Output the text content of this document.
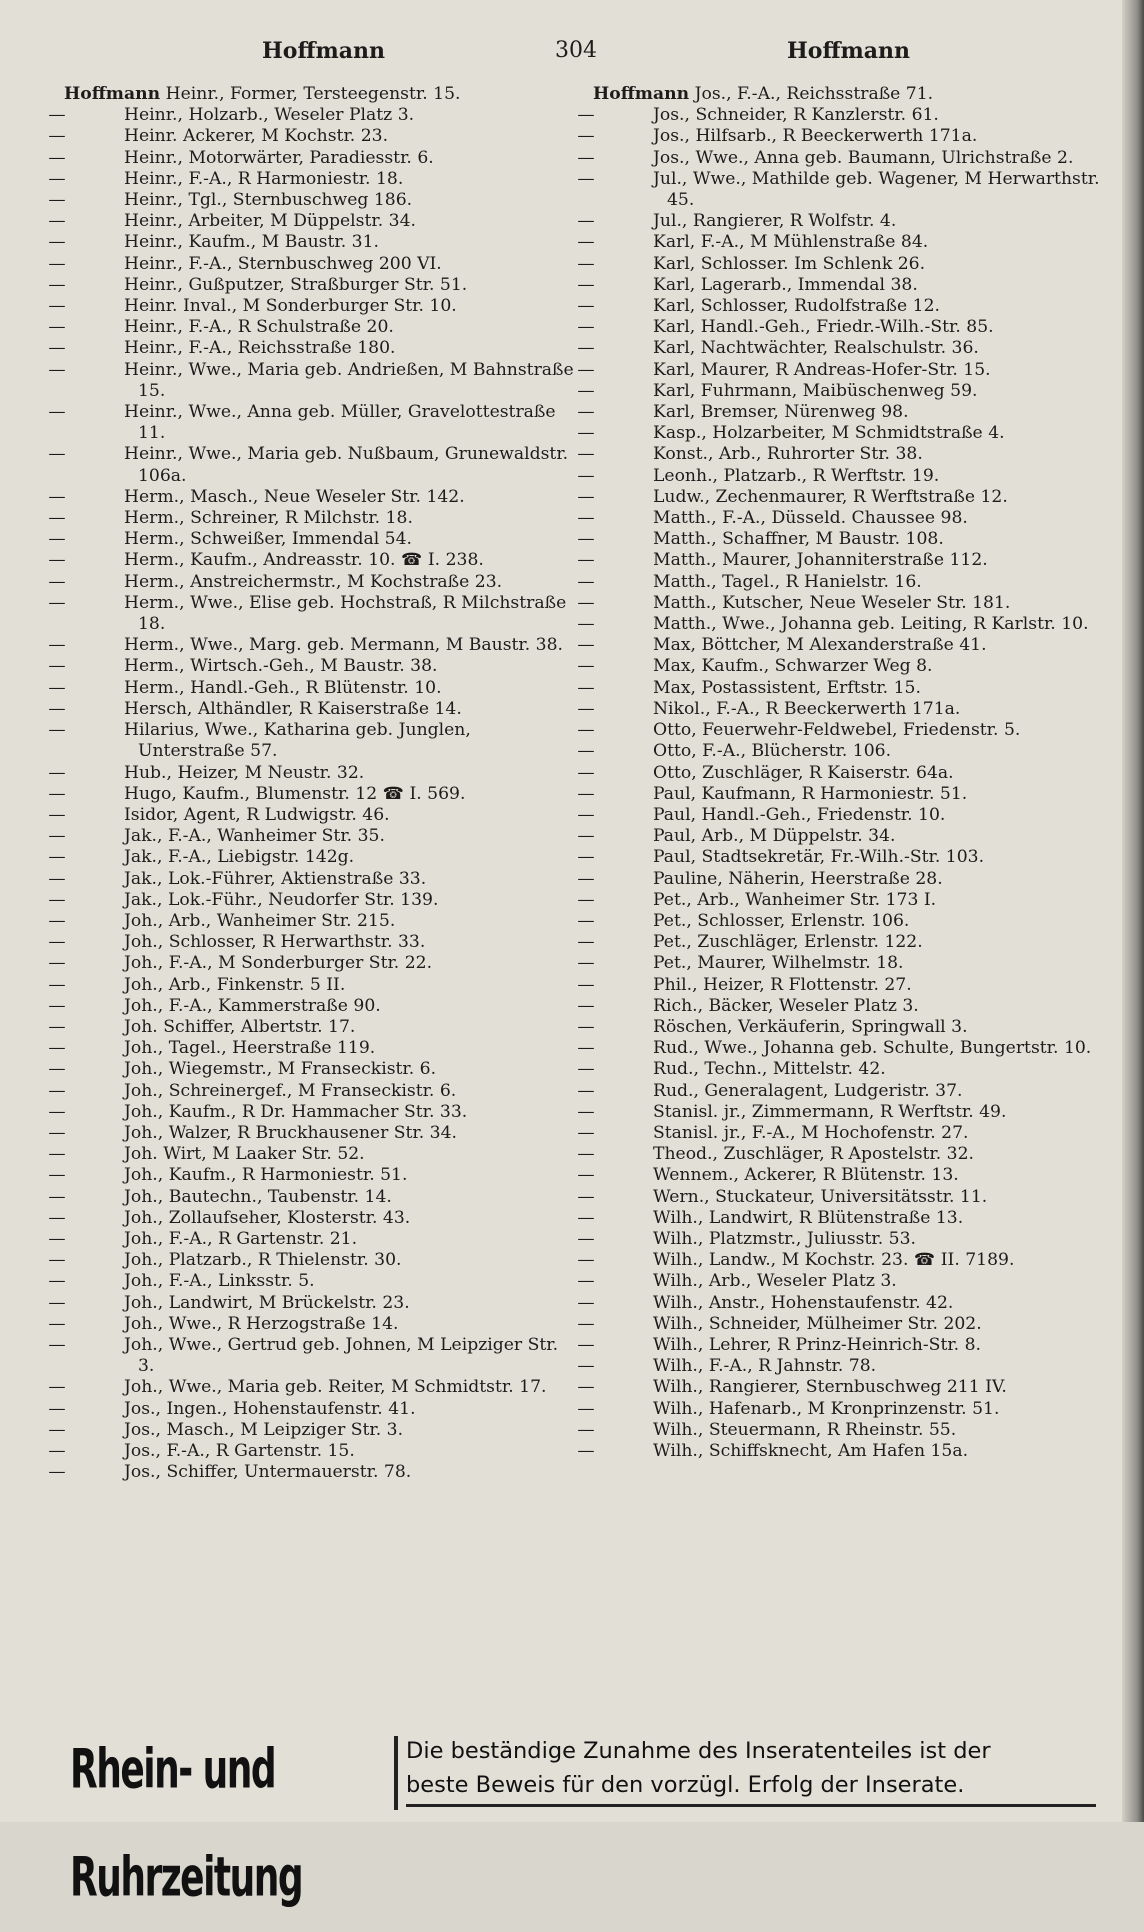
Hoffmann	304	Hoffmann

Hoffmann Heinr., Former, Tersteegenstr. 15.

—	Heinr., Holzarb., Weseler Platz 3.

—	Heinr. Ackerer, M Kochstr. 23.

—	Heinr., Motorwärter, Paradiesstr. 6.

—	Heinr., F.-A., R Harmoniestr. 18.

—	Heinr., Tgl., Sternbuschweg 186.

—	Heinr., Arbeiter, M Düppelstr. 34.

—	Heinr., Kaufm., M Baustr. 31.

—	Heinr., F.-A., Sternbuschweg 200 VI.

—	Heinr., Gußputzer, Straßburger Str. 51.

—	Heinr. Inval., M Sonderburger Str. 10.

—	Heinr., F.-A., R Schulstraße 20.

—	Heinr., F.-A., Reichsstraße 180.

—	Heinr., Wwe., Maria geb. Andrießen, M Bahnstraße 15.

—	Heinr., Wwe., Anna geb. Müller, Gravelottestraße 11.

—	Heinr., Wwe., Maria geb. Nußbaum, Grunewaldstr. 106a.

—	Herm., Masch., Neue Weseler Str. 142.

—	Herm., Schreiner, R Milchstr. 18.

—	Herm., Schweißer, Immendal 54.

—	Herm., Kaufm., Andreasstr. 10. ☎ I. 238.

—	Herm., Anstreichermstr., M Kochstraße 23.

—	Herm., Wwe., Elise geb. Hochstraß, R Milchstraße 18.

—	Herm., Wwe., Marg. geb. Mermann, M Baustr. 38.

—	Herm., Wirtsch.-Geh., M Baustr. 38.

—	Herm., Handl.-Geh., R Blütenstr. 10.

—	Hersch, Althändler, R Kaiserstraße 14.

—	Hilarius, Wwe., Katharina geb. Junglen, Unterstraße 57.

—	Hub., Heizer, M Neustr. 32.

—	Hugo, Kaufm., Blumenstr. 12 ☎ I. 569.

—	Isidor, Agent, R Ludwigstr. 46.

—	Jak., F.-A., Wanheimer Str. 35.

—	Jak., F.-A., Liebigstr. 142g.

—	Jak., Lok.-Führer, Aktienstraße 33.

—	Jak., Lok.-Führ., Neudorfer Str. 139.

—	Joh., Arb., Wanheimer Str. 215.

—	Joh., Schlosser, R Herwarthstr. 33.

—	Joh., F.-A., M Sonderburger Str. 22.

—	Joh., Arb., Finkenstr. 5 II.

—	Joh., F.-A., Kammerstraße 90.

—	Joh. Schiffer, Albertstr. 17.

—	Joh., Tagel., Heerstraße 119.

—	Joh., Wiegemstr., M Franseckistr. 6.

—	Joh., Schreinergef., M Franseckistr. 6.

—	Joh., Kaufm., R Dr. Hammacher Str. 33.

—	Joh., Walzer, R Bruckhausener Str. 34.

—	Joh. Wirt, M Laaker Str. 52.

—	Joh., Kaufm., R Harmoniestr. 51.

—	Joh., Bautechn., Taubenstr. 14.

—	Joh., Zollaufseher, Klosterstr. 43.

—	Joh., F.-A., R Gartenstr. 21.

—	Joh., Platzarb., R Thielenstr. 30.

—	Joh., F.-A., Linksstr. 5.

—	Joh., Landwirt, M Brückelstr. 23.

—	Joh., Wwe., R Herzogstraße 14.

—	Joh., Wwe., Gertrud geb. Johnen, M Leipziger Str. 3.

—	Joh., Wwe., Maria geb. Reiter, M Schmidtstr. 17.

—	Jos., Ingen., Hohenstaufenstr. 41.

—	Jos., Masch., M Leipziger Str. 3.

—	Jos., F.-A., R Gartenstr. 15.

—	Jos., Schiffer, Untermauerstr. 78.

Hoffmann Jos., F.-A., Reichsstraße 71.

—	Jos., Schneider, R Kanzlerstr. 61.

—	Jos., Hilfsarb., R Beeckerwerth 171a.

—	Jos., Wwe., Anna geb. Baumann, Ulrichstraße 2.

—	Jul., Wwe., Mathilde geb. Wagener, M Herwarthstr. 45.

—	Jul., Rangierer, R Wolfstr. 4.

—	Karl, F.-A., M Mühlenstraße 84.

—	Karl, Schlosser. Im Schlenk 26.

—	Karl, Lagerarb., Immendal 38.

—	Karl, Schlosser, Rudolfstraße 12.

—	Karl, Handl.-Geh., Friedr.-Wilh.-Str. 85.

—	Karl, Nachtwächter, Realschulstr. 36.

—	Karl, Maurer, R Andreas-Hofer-Str. 15.

—	Karl, Fuhrmann, Maibüschenweg 59.

—	Karl, Bremser, Nürenweg 98.

—	Kasp., Holzarbeiter, M Schmidtstraße 4.

—	Konst., Arb., Ruhrorter Str. 38.

—	Leonh., Platzarb., R Werftstr. 19.

—	Ludw., Zechenmaurer, R Werftstraße 12.

—	Matth., F.-A., Düsseld. Chaussee 98.

—	Matth., Schaffner, M Baustr. 108.

—	Matth., Maurer, Johanniterstraße 112.

—	Matth., Tagel., R Hanielstr. 16.

—	Matth., Kutscher, Neue Weseler Str. 181.

—	Matth., Wwe., Johanna geb. Leiting, R Karlstr. 10.

—	Max, Böttcher, M Alexanderstraße 41.

—	Max, Kaufm., Schwarzer Weg 8.

—	Max, Postassistent, Erftstr. 15.

—	Nikol., F.-A., R Beeckerwerth 171a.

—	Otto, Feuerwehr-Feldwebel, Friedenstr. 5.

—	Otto, F.-A., Blücherstr. 106.

—	Otto, Zuschläger, R Kaiserstr. 64a.

—	Paul, Kaufmann, R Harmoniestr. 51.

—	Paul, Handl.-Geh., Friedenstr. 10.

—	Paul, Arb., M Düppelstr. 34.

—	Paul, Stadtsekretär, Fr.-Wilh.-Str. 103.

—	Pauline, Näherin, Heerstraße 28.

—	Pet., Arb., Wanheimer Str. 173 I.

—	Pet., Schlosser, Erlenstr. 106.

—	Pet., Zuschläger, Erlenstr. 122.

—	Pet., Maurer, Wilhelmstr. 18.

—	Phil., Heizer, R Flottenstr. 27.

—	Rich., Bäcker, Weseler Platz 3.

—	Röschen, Verkäuferin, Springwall 3.

—	Rud., Wwe., Johanna geb. Schulte, Bungertstr. 10.

—	Rud., Techn., Mittelstr. 42.

—	Rud., Generalagent, Ludgeristr. 37.

—	Stanisl. jr., Zimmermann, R Werftstr. 49.

—	Stanisl. jr., F.-A., M Hochofenstr. 27.

—	Theod., Zuschläger, R Apostelstr. 32.

—	Wennem., Ackerer, R Blütenstr. 13.

—	Wern., Stuckateur, Universitätsstr. 11.

—	Wilh., Landwirt, R Blütenstraße 13.

—	Wilh., Platzmstr., Juliusstr. 53.

—	Wilh., Landw., M Kochstr. 23. ☎ II. 7189.

—	Wilh., Arb., Weseler Platz 3.

—	Wilh., Anstr., Hohenstaufenstr. 42.

—	Wilh., Schneider, Mülheimer Str. 202.

—	Wilh., Lehrer, R Prinz-Heinrich-Str. 8.

—	Wilh., F.-A., R Jahnstr. 78.

—	Wilh., Rangierer, Sternbuschweg 211 IV.

—	Wilh., Hafenarb., M Kronprinzenstr. 51.

—	Wilh., Steuermann, R Rheinstr. 55.

—	Wilh., Schiffsknecht, Am Hafen 15a.

Rhein- und Ruhrzeitung
Die beständige Zunahme des Inseratenteiles ist der
beste Beweis für den vorzügl. Erfolg der Inserate.
